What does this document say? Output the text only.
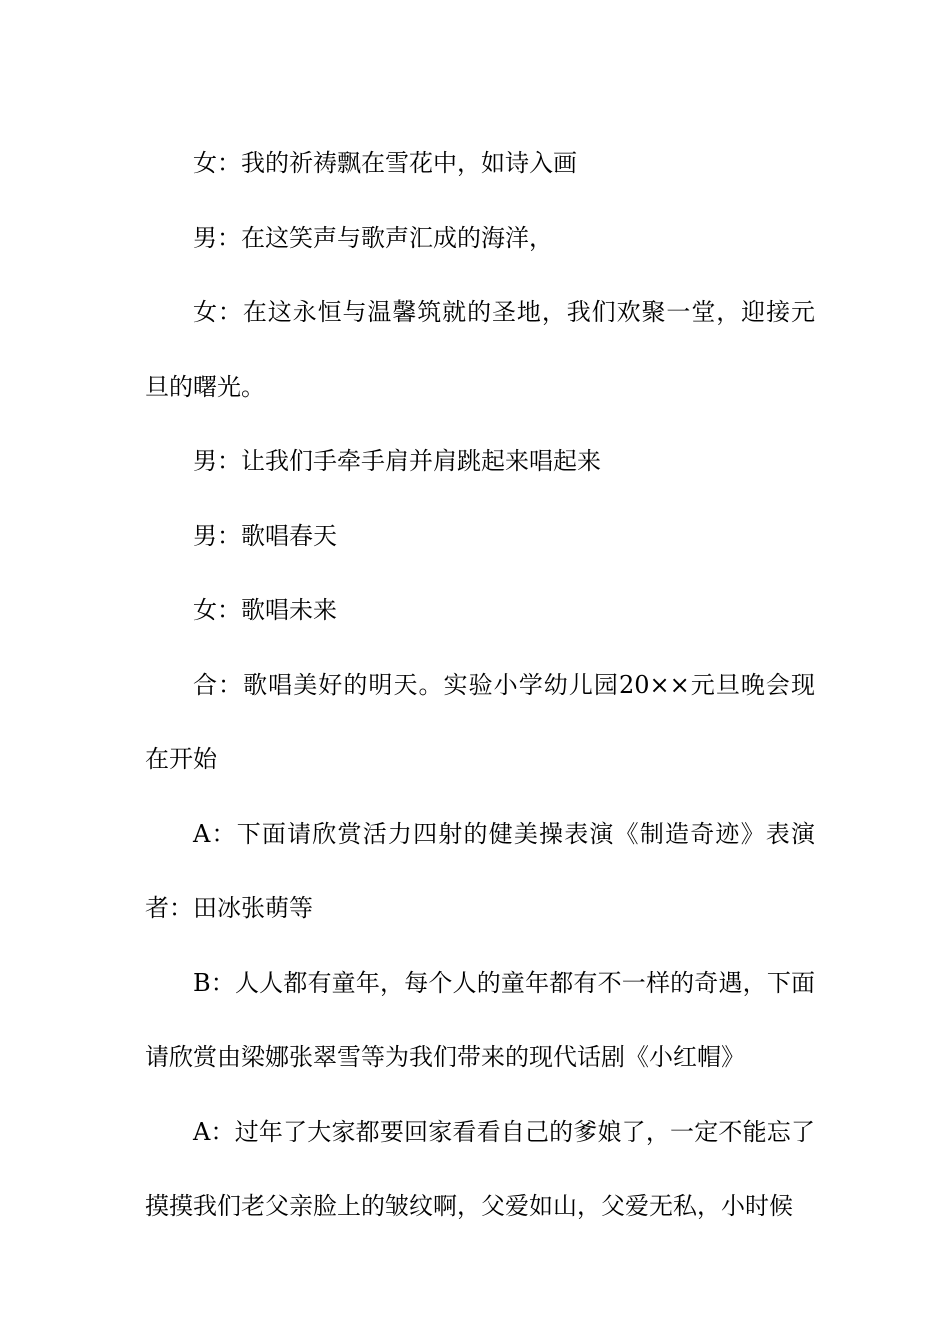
女：我的祈祷飘在雪花中，如诗入画

男：在这笑声与歌声汇成的海洋，

女：在这永恒与温馨筑就的圣地，我们欢聚一堂，迎接元旦的曙光。

男：让我们手牵手肩并肩跳起来唱起来

男：歌唱春天

女：歌唱未来

合：歌唱美好的明天。实验小学幼儿园20××元旦晚会现在开始

A：下面请欣赏活力四射的健美操表演《制造奇迹》表演者：田冰张萌等

B：人人都有童年，每个人的童年都有不一样的奇遇，下面请欣赏由梁娜张翠雪等为我们带来的现代话剧《小红帽》

A：过年了大家都要回家看看自己的爹娘了，一定不能忘了摸摸我们老父亲脸上的皱纹啊，父爱如山，父爱无私，小时候
